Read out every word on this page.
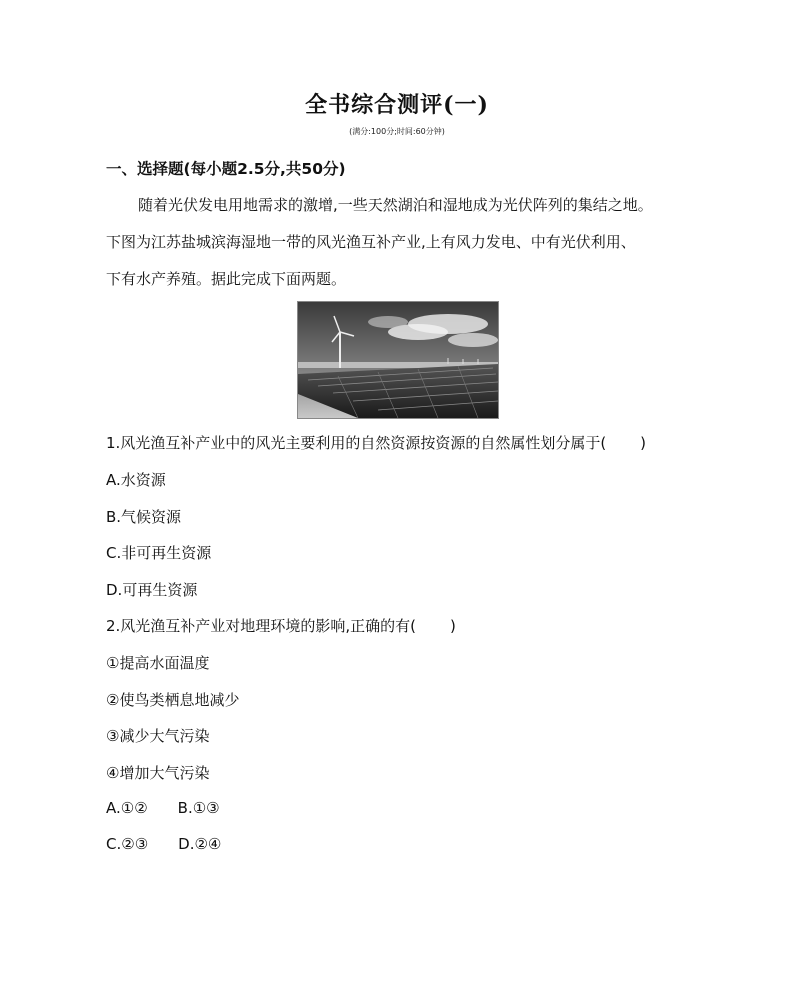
全书综合测评(一)
(满分:100分;时间:60分钟)
一、选择题(每小题2.5分,共50分)
随着光伏发电用地需求的激增,一些天然湖泊和湿地成为光伏阵列的集结之地。
下图为江苏盐城滨海湿地一带的风光渔互补产业,上有风力发电、中有光伏利用、
下有水产养殖。据此完成下面两题。
1.风光渔互补产业中的风光主要利用的自然资源按资源的自然属性划分属于( )
A.水资源
B.气候资源
C.非可再生资源
D.可再生资源
2.风光渔互补产业对地理环境的影响,正确的有( )
①提高水面温度
②使鸟类栖息地减少
③减少大气污染
④增加大气污染
A.①② B.①③
C.②③ D.②④
